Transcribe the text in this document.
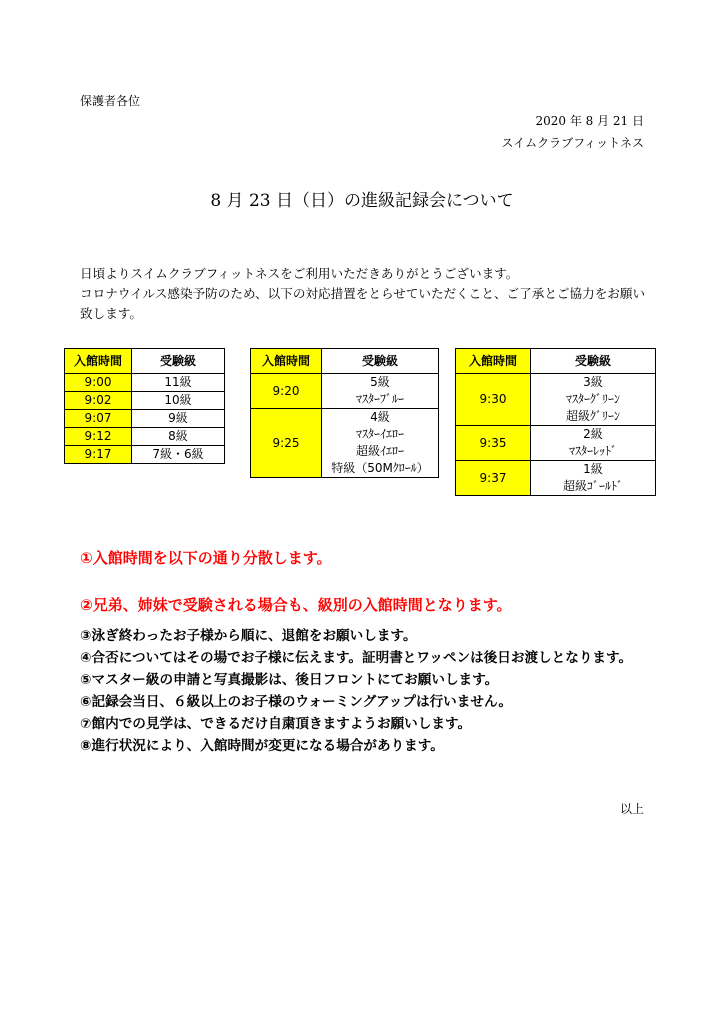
保護者各位
2020 年 8 月 21 日
スイムクラブフィットネス
8 月 23 日（日）の進級記録会について

日頃よりスイムクラブフィットネスをご利用いただきありがとうございます。

コロナウイルス感染予防のため、以下の対応措置をとらせていただくこと、ご了承とご協力をお願い致します。

入館時間	受験級
9:00	11級
9:02	10級
9:07	9級
9:12	8級
9:17	7級・6級
入館時間	受験級
9:20	5級
ﾏｽﾀｰﾌﾞﾙｰ

9:25	4級
ﾏｽﾀｰｲｴﾛｰ
超級ｲｴﾛｰ
特級（50Mｸﾛｰﾙ）
入館時間	受験級
9:30	3級
ﾏｽﾀｰｸﾞﾘｰﾝ
超級ｸﾞﾘｰﾝ

9:35	2級
ﾏｽﾀｰﾚｯﾄﾞ

9:37	1級
超級ｺﾞｰﾙﾄﾞ
①入館時間を以下の通り分散します。
②兄弟、姉妹で受験される場合も、級別の入館時間となります。
③泳ぎ終わったお子様から順に、退館をお願いします。
④合否についてはその場でお子様に伝えます。証明書とワッペンは後日お渡しとなります。
⑤マスター級の申請と写真撮影は、後日フロントにてお願いします。
⑥記録会当日、６級以上のお子様のウォーミングアップは行いません。
⑦館内での見学は、できるだけ自粛頂きますようお願いします。
⑧進行状況により、入館時間が変更になる場合があります。
以上
